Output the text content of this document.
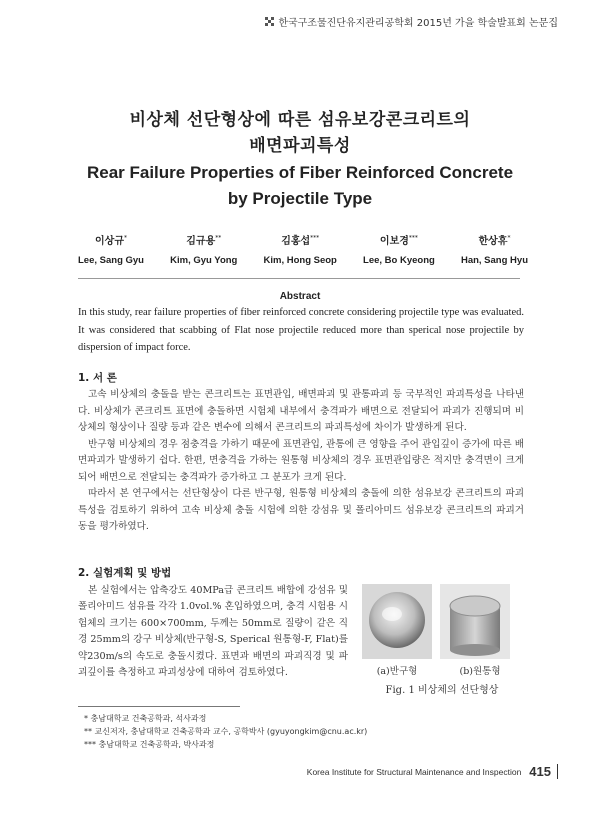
한국구조물진단유지관리공학회 2015년 가을 학술발표회 논문집
비상체 선단형상에 따른 섬유보강콘크리트의
배면파괴특성
Rear Failure Properties of Fiber Reinforced Concrete
by Projectile Type
이상규*
Lee, Sang Gyu
김규용**
Kim, Gyu Yong
김홍섭***
Kim, Hong Seop
이보경***
Lee, Bo Kyeong
한상휴*
Han, Sang Hyu
Abstract
In this study, rear failure properties of fiber reinforced concrete considering projectile type was evaluated. It was considered that scabbing of Flat nose projectile reduced more than sperical nose projectile by dispersion of impact force.
1. 서 론

고속 비상체의 충돌을 받는 콘크리트는 표면관입, 배면파괴 및 관통파괴 등 국부적인 파괴특성을 나타낸다. 비상체가 콘크리트 표면에 충돌하면 시험체 내부에서 충격파가 배면으로 전달되어 파괴가 진행되며 비상체의 형상이나 질량 등과 같은 변수에 의해서 콘크리트의 파괴특성에 차이가 발생하게 된다.

반구형 비상체의 경우 점충격을 가하기 때문에 표면관입, 관통에 큰 영향을 주어 관입깊이 증가에 따른 배면파괴가 발생하기 쉽다. 한편, 면충격을 가하는 원통형 비상체의 경우 표면관입량은 적지만 충격면이 크게 되어 배면으로 전달되는 충격파가 증가하고 그 분포가 크게 된다.

따라서 본 연구에서는 선단형상이 다른 반구형, 원통형 비상체의 충돌에 의한 섬유보강 콘크리트의 파괴특성을 검토하기 위하여 고속 비상체 충돌 시험에 의한 강섬유 및 폴리아미드 섬유보강 콘크리트의 파괴거동을 평가하였다.

2. 실험계획 및 방법

본 실험에서는 압축강도 40MPa급 콘크리트 배합에 강섬유 및 폴리아미드 섬유를 각각 1.0vol.% 혼입하였으며, 충격 시험용 시험체의 크기는 600×700mm, 두께는 50mm로 질량이 같은 직경 25mm의 강구 비상체(반구형-S, Sperical 원통형-F, Flat)를 약230m/s의 속도로 충돌시켰다. 표면과 배면의 파괴직경 및 파괴깊이를 측정하고 파괴성상에 대하여 검토하였다.	(a)반구형	(b)원통형
Fig. 1 비상체의 선단형상
* 충남대학교 건축공학과, 석사과정
** 교신저자, 충남대학교 건축공학과 교수, 공학박사 (gyuyongkim@cnu.ac.kr)
*** 충남대학교 건축공학과, 박사과정
Korea Institute for Structural Maintenance and Inspection 415
